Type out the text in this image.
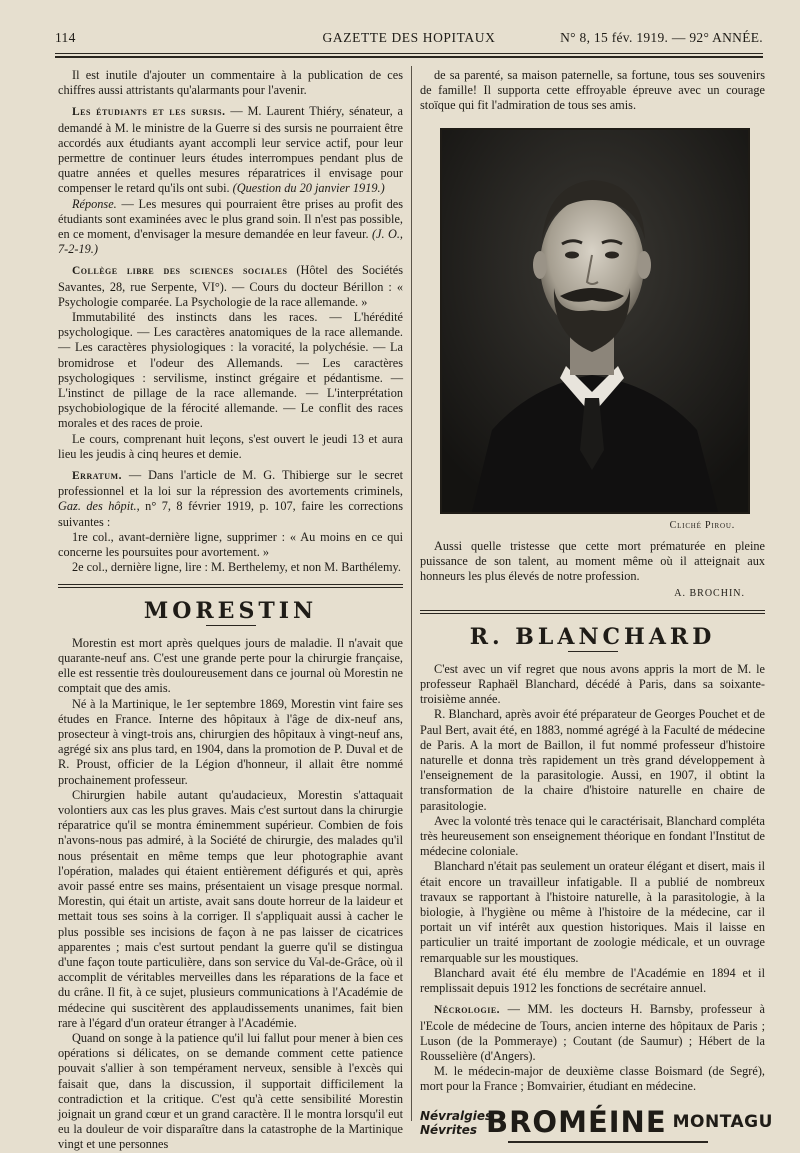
114	GAZETTE DES HOPITAUX	N° 8, 15 fév. 1919. — 92° ANNÉE.

Il est inutile d'ajouter un commentaire à la publication de ces chiffres aussi attristants qu'alarmants pour l'avenir.

Les étudiants et les sursis. — M. Laurent Thiéry, sénateur, a demandé à M. le ministre de la Guerre si des sursis ne pourraient être accordés aux étudiants ayant accompli leur service actif, pour leur permettre de continuer leurs études interrompues pendant plus de quatre années et quelles mesures réparatrices il envisage pour compenser le retard qu'ils ont subi. (Question du 20 janvier 1919.)

Réponse. — Les mesures qui pourraient être prises au profit des étudiants sont examinées avec le plus grand soin. Il n'est pas possible, en ce moment, d'envisager la mesure demandée en leur faveur. (J. O., 7-2-19.)

Collège libre des sciences sociales (Hôtel des Sociétés Savantes, 28, rue Serpente, VI°). — Cours du docteur Bérillon : « Psychologie comparée. La Psychologie de la race allemande. »

Immutabilité des instincts dans les races. — L'hérédité psychologique. — Les caractères anatomiques de la race allemande. — Les caractères physiologiques : la voracité, la polychésie. — La bromidrose et l'odeur des Allemands. — Les caractères psychologiques : servilisme, instinct grégaire et pédantisme. — L'instinct de pillage de la race allemande. — L'interprétation psychobiologique de la férocité allemande. — Le conflit des races morales et des races de proie.

Le cours, comprenant huit leçons, s'est ouvert le jeudi 13 et aura lieu les jeudis à cinq heures et demie.

Erratum. — Dans l'article de M. G. Thibierge sur le secret professionnel et la loi sur la répression des avortements criminels, Gaz. des hôpit., n° 7, 8 février 1919, p. 107, faire les corrections suivantes :

1re col., avant-dernière ligne, supprimer : « Au moins en ce qui concerne les poursuites pour avortement. »

2e col., dernière ligne, lire : M. Berthelemy, et non M. Barthélemy.

MORESTIN

Morestin est mort après quelques jours de maladie. Il n'avait que quarante-neuf ans. C'est une grande perte pour la chirurgie française, elle est ressentie très douloureusement dans ce journal où Morestin ne comptait que des amis.

Né à la Martinique, le 1er septembre 1869, Morestin vint faire ses études en France. Interne des hôpitaux à l'âge de dix-neuf ans, prosecteur à vingt-trois ans, chirurgien des hôpitaux à vingt-neuf ans, agrégé six ans plus tard, en 1904, dans la promotion de P. Duval et de R. Proust, officier de la Légion d'honneur, il allait être nommé prochainement professeur.

Chirurgien habile autant qu'audacieux, Morestin s'attaquait volontiers aux cas les plus graves. Mais c'est surtout dans la chirurgie réparatrice qu'il se montra éminemment supérieur. Combien de fois n'avons-nous pas admiré, à la Société de chirurgie, des malades qu'il nous présentait en même temps que leur photographie avant l'opération, malades qui étaient entièrement défigurés et qui, après avoir passé entre ses mains, présentaient un visage presque normal. Morestin, qui était un artiste, avait sans doute horreur de la laideur et mettait tous ses soins à la corriger. Il s'appliquait aussi à cacher le plus possible ses incisions de façon à ne pas laisser de cicatrices apparentes ; mais c'est surtout pendant la guerre qu'il se distingua d'une façon toute particulière, dans son service du Val-de-Grâce, où il accomplit de véritables merveilles dans les réparations de la face et du crâne. Il fit, à ce sujet, plusieurs communications à l'Académie de médecine qui suscitèrent des applaudissements unanimes, fait bien rare à l'égard d'un orateur étranger à l'Académie.

Quand on songe à la patience qu'il lui fallut pour mener à bien ces opérations si délicates, on se demande comment cette patience pouvait s'allier à son tempérament nerveux, sensible à l'excès qui faisait que, dans la discussion, il supportait difficilement la contradiction et la critique. C'est qu'à cette sensibilité Morestin joignait un grand cœur et un grand caractère. Il le montra lorsqu'il eut eu la douleur de voir disparaître dans la catastrophe de la Martinique vingt et une personnes

de sa parenté, sa maison paternelle, sa fortune, tous ses souvenirs de famille! Il supporta cette effroyable épreuve avec un courage stoïque qui fit l'admiration de tous ses amis.

Cliché Pirou.

Aussi quelle tristesse que cette mort prématurée en pleine puissance de son talent, au moment même où il atteignait aux honneurs les plus élevés de notre profession.

A. BROCHIN.
R. BLANCHARD

C'est avec un vif regret que nous avons appris la mort de M. le professeur Raphaël Blanchard, décédé à Paris, dans sa soixante-troisième année.

R. Blanchard, après avoir été préparateur de Georges Pouchet et de Paul Bert, avait été, en 1883, nommé agrégé à la Faculté de médecine de Paris. A la mort de Baillon, il fut nommé professeur d'histoire naturelle et donna très rapidement un très grand développement à l'enseignement de la parasitologie. Aussi, en 1907, il obtint la transformation de la chaire d'histoire naturelle en chaire de parasitologie.

Avec la volonté très tenace qui le caractérisait, Blanchard compléta très heureusement son enseignement théorique en fondant l'Institut de médecine coloniale.

Blanchard n'était pas seulement un orateur élégant et disert, mais il était encore un travailleur infatigable. Il a publié de nombreux travaux se rapportant à l'histoire naturelle, à la parasitologie, à la biologie, à l'hygiène ou même à l'histoire de la médecine, car il portait un vif intérêt aux question historiques. Mais il laisse en particulier un traité important de zoologie médicale, et un ouvrage remarquable sur les moustiques.

Blanchard avait été élu membre de l'Académie en 1894 et il remplissait depuis 1912 les fonctions de secrétaire annuel.

Nécrologie. — MM. les docteurs H. Barnsby, professeur à l'Ecole de médecine de Tours, ancien interne des hôpitaux de Paris ; Luson (de la Pommeraye) ; Coutant (de Saumur) ; Hébert de la Rousselière (d'Angers).

M. le médecin-major de deuxième classe Boismard (de Segré), mort pour la France ; Bomvairier, étudiant en médecine.

Névralgies
Névrites BROMÉINE MONTAGU
